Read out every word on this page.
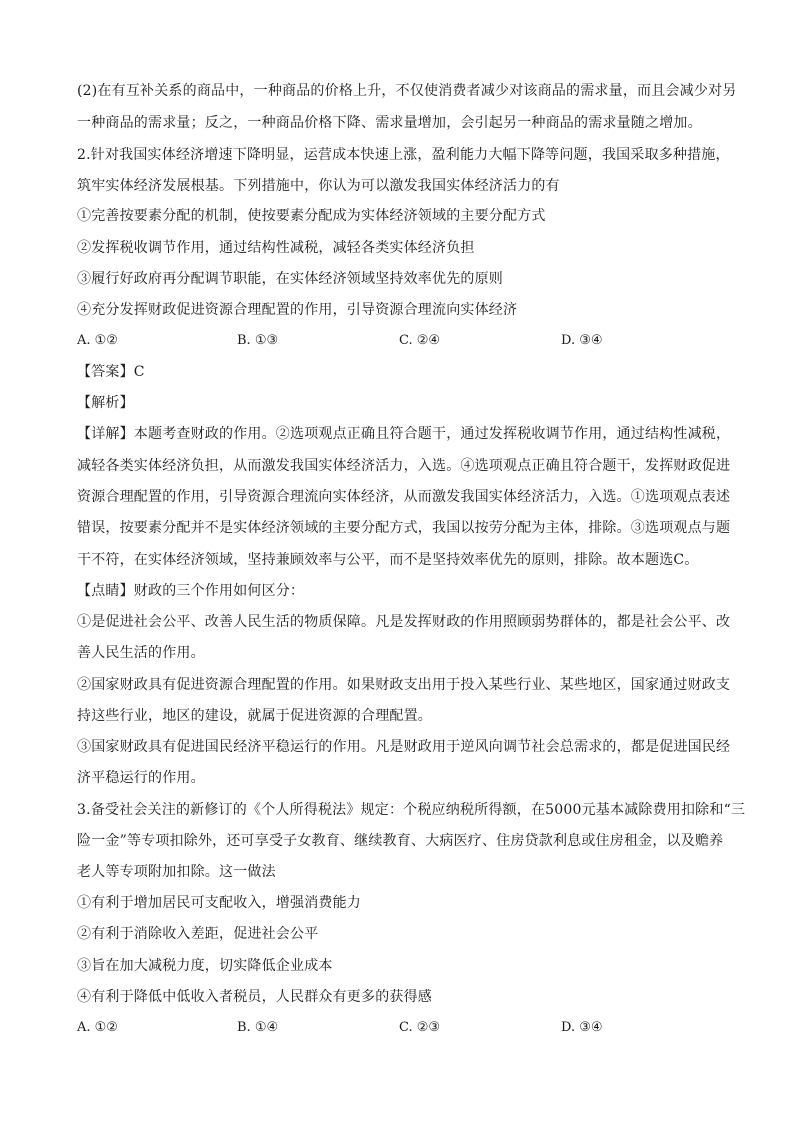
(2)在有互补关系的商品中，一种商品的价格上升，不仅使消费者减少对该商品的需求量，而且会减少对另
一种商品的需求量；反之，一种商品价格下降、需求量增加，会引起另一种商品的需求量随之增加。
2.针对我国实体经济增速下降明显，运营成本快速上涨，盈利能力大幅下降等问题，我国采取多种措施，
筑牢实体经济发展根基。下列措施中，你认为可以激发我国实体经济活力的有
①完善按要素分配的机制，使按要素分配成为实体经济领域的主要分配方式
②发挥税收调节作用，通过结构性减税，减轻各类实体经济负担
③履行好政府再分配调节职能，在实体经济领域坚持效率优先的原则
④充分发挥财政促进资源合理配置的作用，引导资源合理流向实体经济
A. ①②	B. ①③	C. ②④	D. ③④
【答案】C
【解析】
【详解】本题考查财政的作用。②选项观点正确且符合题干，通过发挥税收调节作用，通过结构性减税，
减轻各类实体经济负担，从而激发我国实体经济活力，入选。④选项观点正确且符合题干，发挥财政促进
资源合理配置的作用，引导资源合理流向实体经济，从而激发我国实体经济活力，入选。①选项观点表述
错误，按要素分配并不是实体经济领域的主要分配方式，我国以按劳分配为主体，排除。③选项观点与题
干不符，在实体经济领域，坚持兼顾效率与公平，而不是坚持效率优先的原则，排除。故本题选C。
【点睛】财政的三个作用如何区分：
①是促进社会公平、改善人民生活的物质保障。凡是发挥财政的作用照顾弱势群体的，都是社会公平、改
善人民生活的作用。
②国家财政具有促进资源合理配置的作用。如果财政支出用于投入某些行业、某些地区，国家通过财政支
持这些行业，地区的建设，就属于促进资源的合理配置。
③国家财政具有促进国民经济平稳运行的作用。凡是财政用于逆风向调节社会总需求的，都是促进国民经
济平稳运行的作用。
3.备受社会关注的新修订的《个人所得税法》规定：个税应纳税所得额，在5000元基本减除费用扣除和“三
险一金”等专项扣除外，还可享受子女教育、继续教育、大病医疗、住房贷款利息或住房租金，以及赡养
老人等专项附加扣除。这一做法
①有利于增加居民可支配收入，增强消费能力
②有利于消除收入差距，促进社会公平
③旨在加大减税力度，切实降低企业成本
④有利于降低中低收入者税员，人民群众有更多的获得感
A. ①②	B. ①④	C. ②③	D. ③④
